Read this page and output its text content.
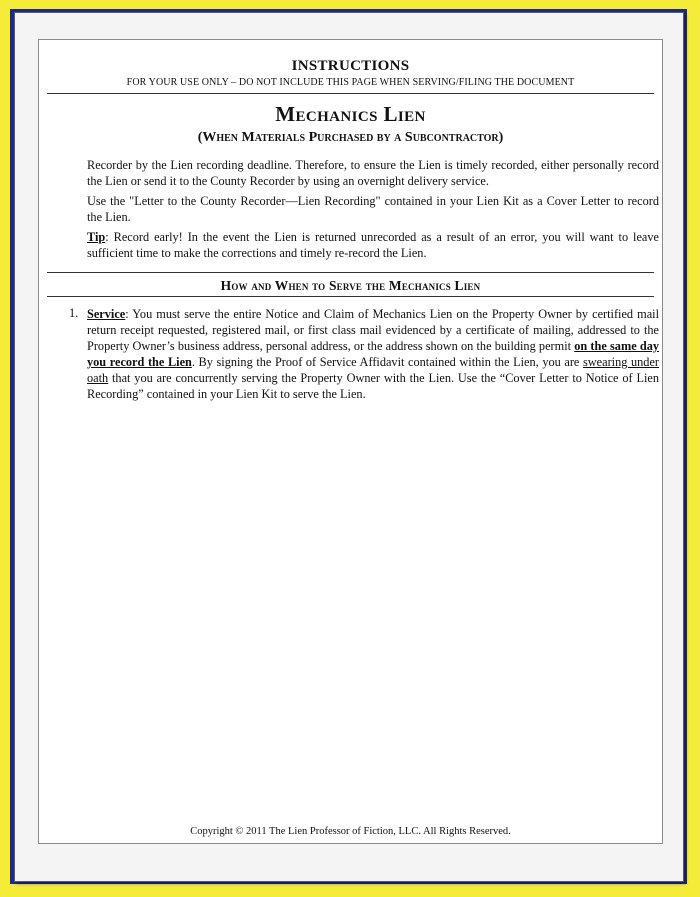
INSTRUCTIONS
FOR YOUR USE ONLY – DO NOT INCLUDE THIS PAGE WHEN SERVING/FILING THE DOCUMENT
Mechanics Lien
(When Materials Purchased by a Subcontractor)
Recorder by the Lien recording deadline. Therefore, to ensure the Lien is timely recorded, either personally record the Lien or send it to the County Recorder by using an overnight delivery service.
Use the "Letter to the County Recorder—Lien Recording" contained in your Lien Kit as a Cover Letter to record the Lien.
Tip: Record early! In the event the Lien is returned unrecorded as a result of an error, you will want to leave sufficient time to make the corrections and timely re-record the Lien.
How and When to Serve the Mechanics Lien
1. Service: You must serve the entire Notice and Claim of Mechanics Lien on the Property Owner by certified mail return receipt requested, registered mail, or first class mail evidenced by a certificate of mailing, addressed to the Property Owner’s business address, personal address, or the address shown on the building permit on the same day you record the Lien. By signing the Proof of Service Affidavit contained within the Lien, you are swearing under oath that you are concurrently serving the Property Owner with the Lien. Use the “Cover Letter to Notice of Lien Recording” contained in your Lien Kit to serve the Lien.
Copyright © 2011 The Lien Professor of Fiction, LLC. All Rights Reserved.
